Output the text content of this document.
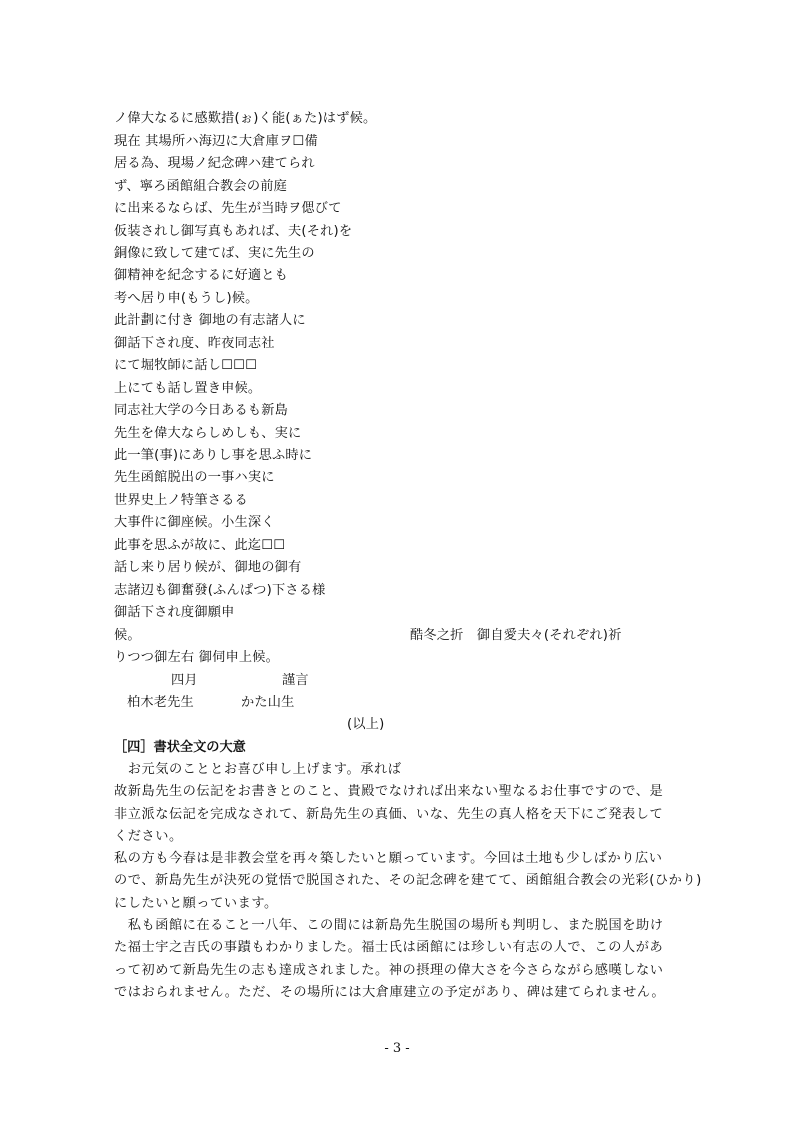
ノ偉大なるに感歎措(ぉ)く能(ぁた)はず候。
現在 其場所ハ海辺に大倉庫ヲ☐備
居る為、現場ノ紀念碑ハ建てられ
ず、寧ろ函館組合教会の前庭
に出来るならば、先生が当時ヲ偲びて
仮装されし御写真もあれば、夫(それ)を
銅像に致して建てば、実に先生の
御精神を紀念するに好適とも
考へ居り申(もうし)候。
此計劃に付き 御地の有志諸人に
御話下され度、昨夜同志社
にて堀牧師に話し☐☐☐
上にても話し置き申候。
同志社大学の今日あるも新島
先生を偉大ならしめしも、実に
此一筆(事)にありし事を思ふ時に
先生函館脱出の一事ハ実に
世界史上ノ特筆さるる
大事件に御座候。小生深く
此事を思ふが故に、此迄☐☐
話し来り居り候が、御地の御有
志諸辺も御奮發(ふんぱつ)下さる様
御話下され度御願申
候。	酷冬之折　御自愛夫々(それぞれ)祈
りつつ御左右 御伺申上候。
四月	謹言
柏木老先生	かた山生
(以上)
［四］書状全文の大意
　お元気のこととお喜び申し上げます。承れば
故新島先生の伝記をお書きとのこと、貴殿でなければ出来ない聖なるお仕事ですので、是
非立派な伝記を完成なされて、新島先生の真価、いな、先生の真人格を天下にご発表して
ください。
私の方も今春は是非教会堂を再々築したいと願っています。今回は土地も少しばかり広い
ので、新島先生が決死の覚悟で脱国された、その記念碑を建てて、函館組合教会の光彩(ひかり)
にしたいと願っています。
　私も函館に在ること一八年、この間には新島先生脱国の場所も判明し、また脱国を助け
た福士宇之吉氏の事蹟もわかりました。福士氏は函館には珍しい有志の人で、この人があ
って初めて新島先生の志も達成されました。神の摂理の偉大さを今さらながら感嘆しない
ではおられません。ただ、その場所には大倉庫建立の予定があり、碑は建てられません。
- 3 -
